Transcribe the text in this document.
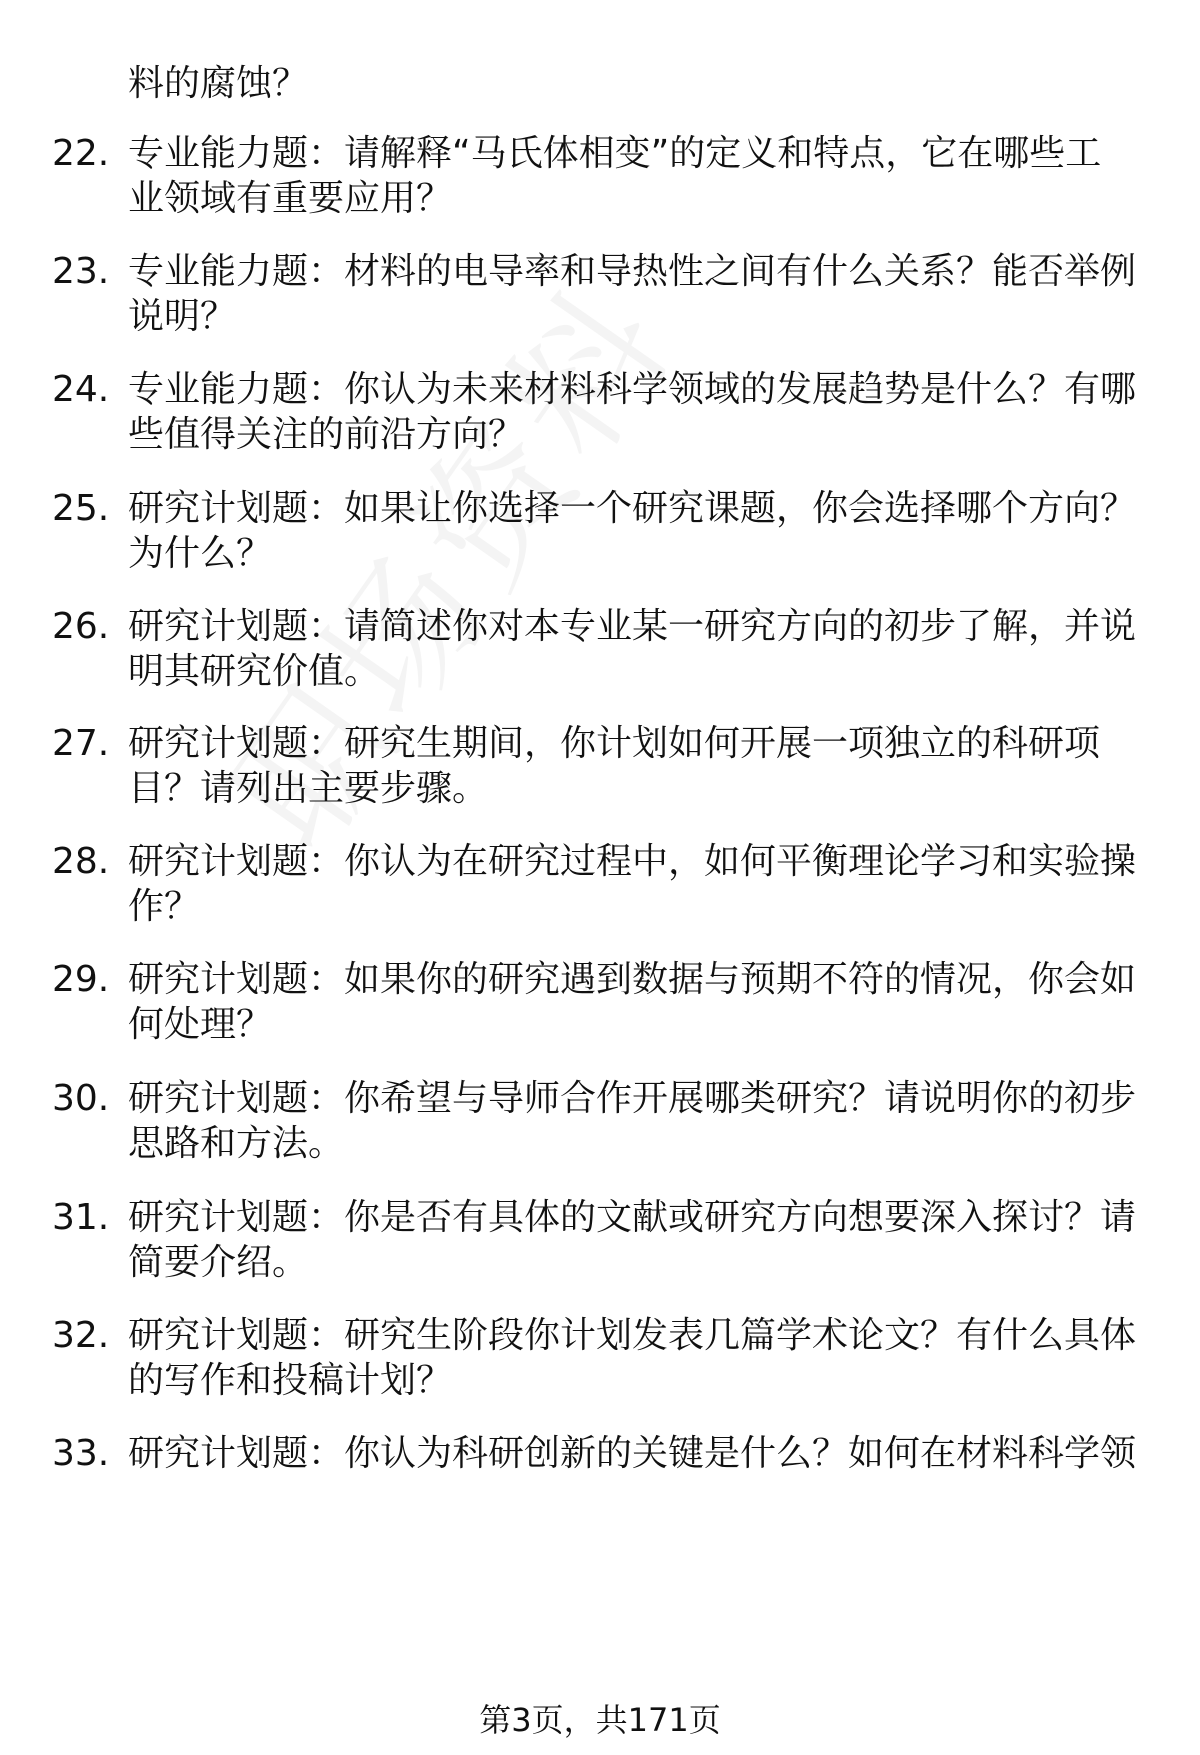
料的腐蚀？
22. 专业能力题：请解释“马氏体相变”的定义和特点，它在哪些工
业领域有重要应用？
23. 专业能力题：材料的电导率和导热性之间有什么关系？能否举例
说明？
24. 专业能力题：你认为未来材料科学领域的发展趋势是什么？有哪
些值得关注的前沿方向？
25. 研究计划题：如果让你选择一个研究课题，你会选择哪个方向？
为什么？
26. 研究计划题：请简述你对本专业某一研究方向的初步了解，并说
明其研究价值。
27. 研究计划题：研究生期间，你计划如何开展一项独立的科研项
目？请列出主要步骤。
28. 研究计划题：你认为在研究过程中，如何平衡理论学习和实验操
作？
29. 研究计划题：如果你的研究遇到数据与预期不符的情况，你会如
何处理？
30. 研究计划题：你希望与导师合作开展哪类研究？请说明你的初步
思路和方法。
31. 研究计划题：你是否有具体的文献或研究方向想要深入探讨？请
简要介绍。
32. 研究计划题：研究生阶段你计划发表几篇学术论文？有什么具体
的写作和投稿计划？
33. 研究计划题：你认为科研创新的关键是什么？如何在材料科学领
第3页，共171页
